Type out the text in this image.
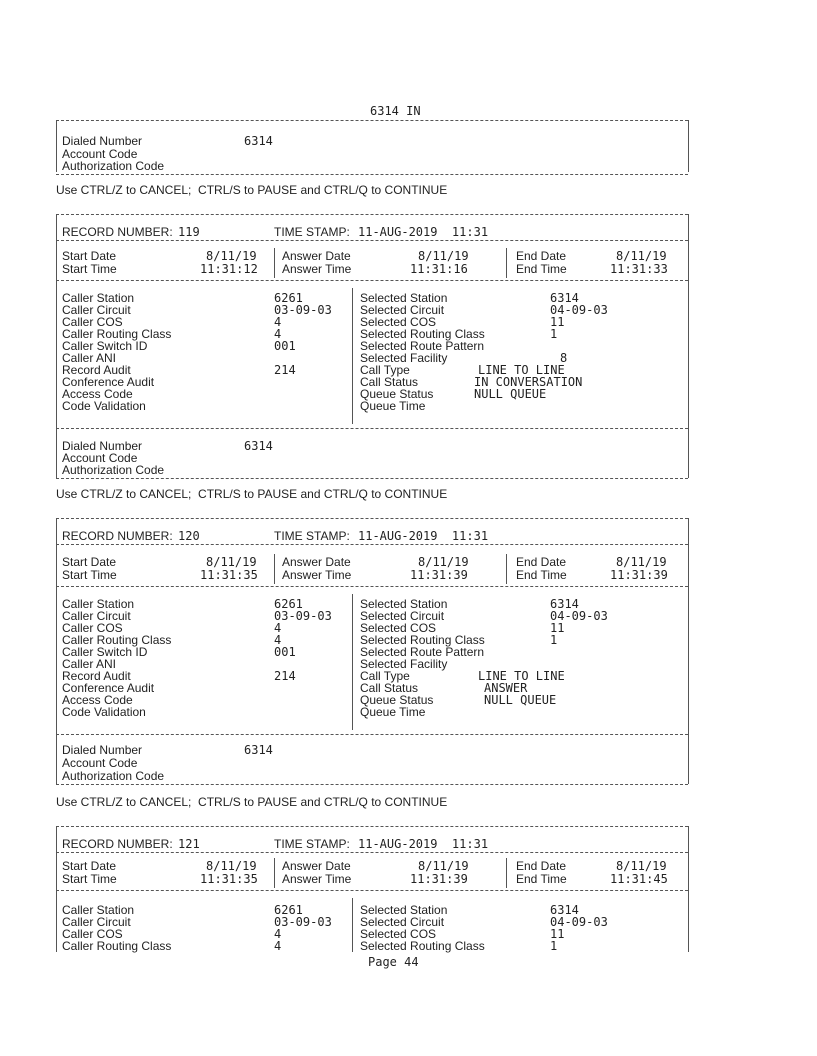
6314 IN
Dialed Number	6314
Account Code
Authorization Code
Use CTRL/Z to CANCEL;  CTRL/S to PAUSE and CTRL/Q to CONTINUE
RECORD NUMBER: 119	TIME STAMP: 11-AUG-2019  11:31
Start Date	8/11/19 Answer Date	8/11/19	End Date	8/11/19
Start Time	11:31:12 Answer Time	11:31:16	End Time	11:31:33
Caller Station	6261
Caller Circuit	03-09-03
Caller COS	4
Caller Routing Class	4
Caller Switch ID	001
Caller ANI
Record Audit	214
Conference Audit
Access Code
Code Validation
Selected Station	6314
Selected Circuit	04-09-03
Selected COS	11
Selected Routing Class	1
Selected Route Pattern
Selected Facility	8
Call Type	LINE TO LINE
Call Status	IN CONVERSATION
Queue Status	NULL QUEUE
Queue Time
Dialed Number	6314
Account Code
Authorization Code
Use CTRL/Z to CANCEL;  CTRL/S to PAUSE and CTRL/Q to CONTINUE
RECORD NUMBER: 120	TIME STAMP: 11-AUG-2019  11:31
Start Date	8/11/19 Answer Date	8/11/19	End Date	8/11/19
Start Time	11:31:35 Answer Time	11:31:39	End Time	11:31:39
Caller Station	6261
Caller Circuit	03-09-03
Caller COS	4
Caller Routing Class	4
Caller Switch ID	001
Caller ANI
Record Audit	214
Conference Audit
Access Code
Code Validation
Selected Station	6314
Selected Circuit	04-09-03
Selected COS	11
Selected Routing Class	1
Selected Route Pattern
Selected Facility
Call Type	LINE TO LINE
Call Status	ANSWER
Queue Status	NULL QUEUE
Queue Time
Dialed Number	6314
Account Code
Authorization Code
Use CTRL/Z to CANCEL;  CTRL/S to PAUSE and CTRL/Q to CONTINUE
RECORD NUMBER: 121	TIME STAMP: 11-AUG-2019  11:31
Start Date	8/11/19 Answer Date	8/11/19	End Date	8/11/19
Start Time	11:31:35 Answer Time	11:31:39	End Time	11:31:45
Caller Station	6261
Caller Circuit	03-09-03
Caller COS	4
Caller Routing Class	4
Selected Station	6314
Selected Circuit	04-09-03
Selected COS	11
Selected Routing Class	1
Page 44
